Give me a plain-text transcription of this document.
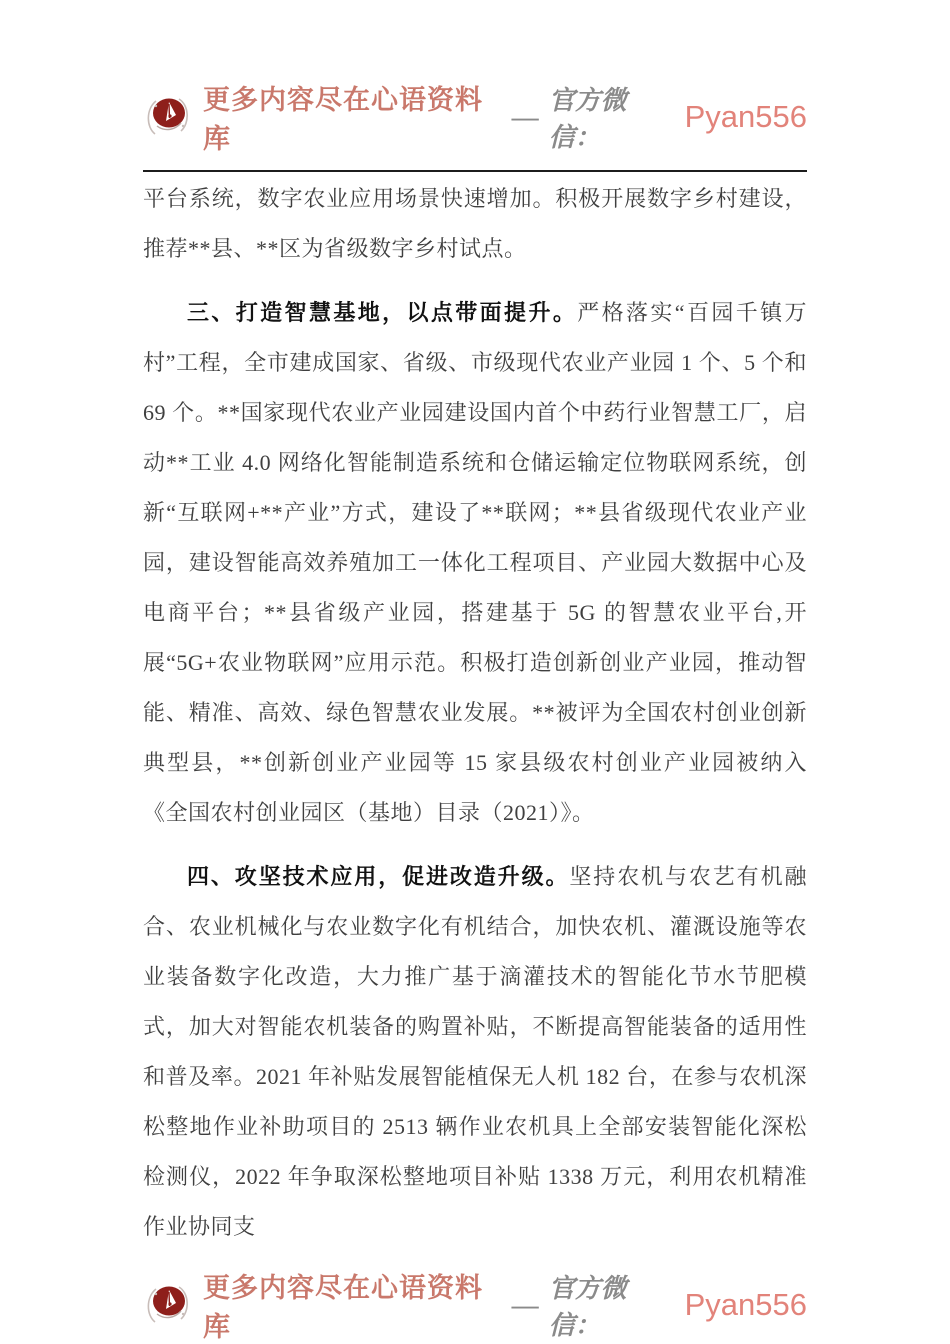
更多内容尽在心语资料库
—
官方微信：
Pyan556

平台系统，数字农业应用场景快速增加。积极开展数字乡村建设，推荐**县、**区为省级数字乡村试点。

三、打造智慧基地，以点带面提升。严格落实“百园千镇万村”工程，全市建成国家、省级、市级现代农业产业园 1 个、5 个和 69 个。**国家现代农业产业园建设国内首个中药行业智慧工厂，启动**工业 4.0 网络化智能制造系统和仓储运输定位物联网系统，创新“互联网+**产业”方式，建设了**联网；**县省级现代农业产业园，建设智能高效养殖加工一体化工程项目、产业园大数据中心及电商平台；**县省级产业园，搭建基于 5G 的智慧农业平台,开展“5G+农业物联网”应用示范。积极打造创新创业产业园，推动智能、精准、高效、绿色智慧农业发展。**被评为全国农村创业创新典型县，**创新创业产业园等 15 家县级农村创业产业园被纳入《全国农村创业园区（基地）目录（2021）》。

四、攻坚技术应用，促进改造升级。坚持农机与农艺有机融合、农业机械化与农业数字化有机结合，加快农机、灌溉设施等农业装备数字化改造，大力推广基于滴灌技术的智能化节水节肥模式，加大对智能农机装备的购置补贴，不断提高智能装备的适用性和普及率。2021 年补贴发展智能植保无人机 182 台，在参与农机深松整地作业补助项目的 2513 辆作业农机具上全部安装智能化深松检测仪，2022 年争取深松整地项目补贴 1338 万元，利用农机精准作业协同支

更多内容尽在心语资料库
—
官方微信：
Pyan556
